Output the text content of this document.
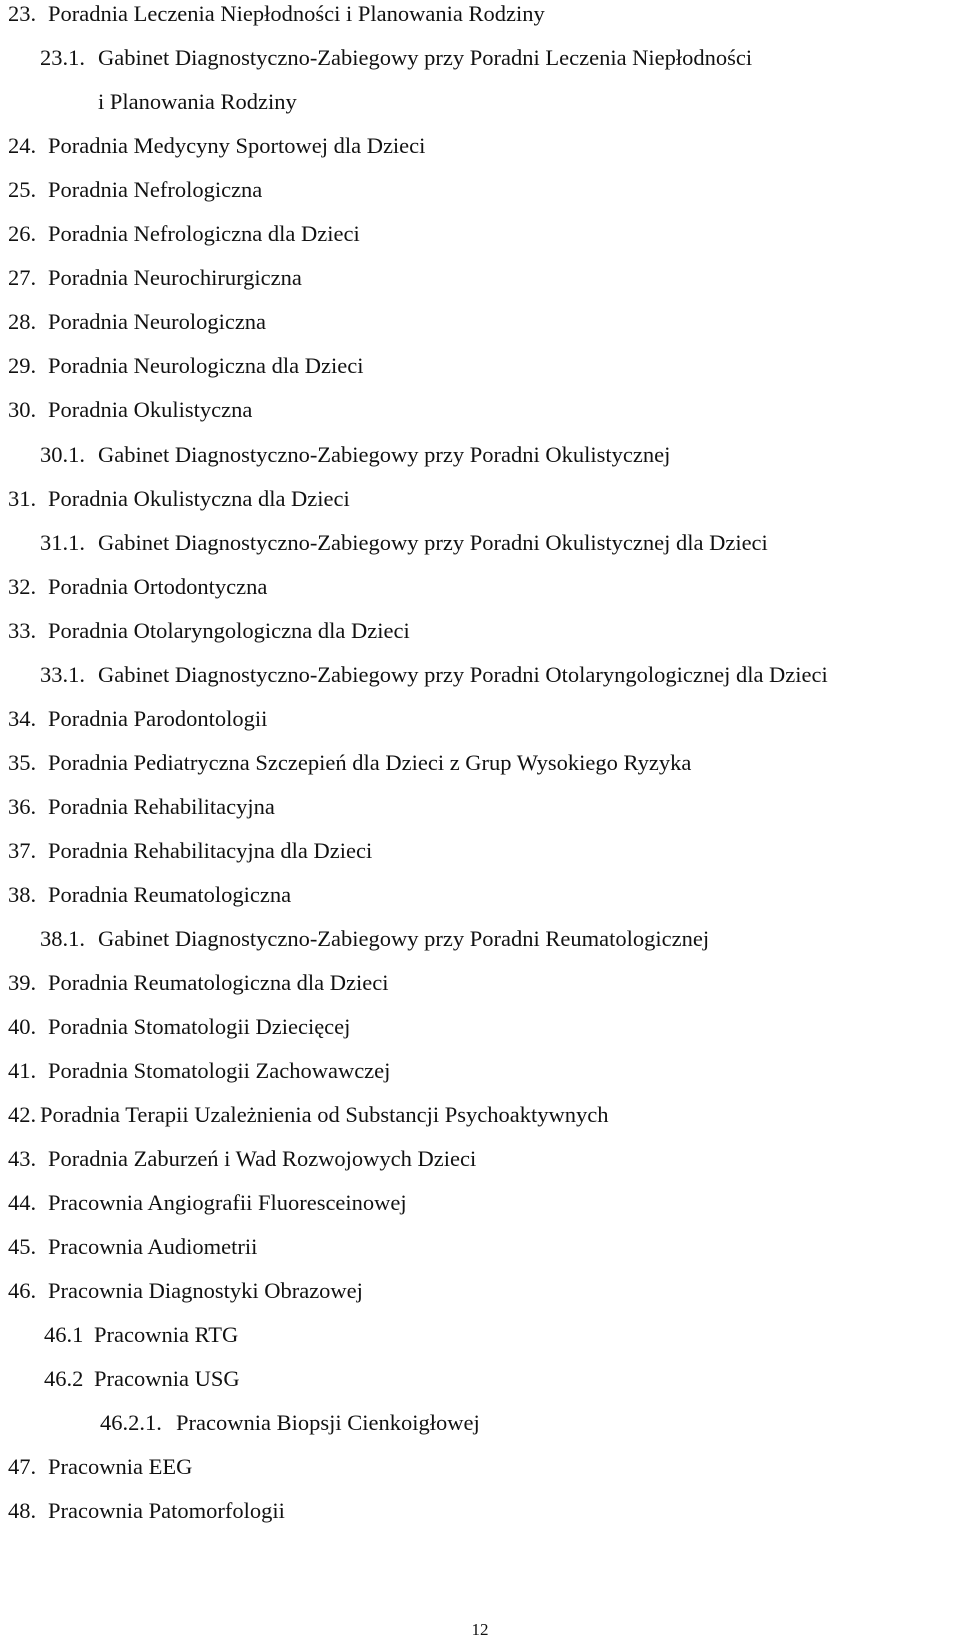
23. Poradnia Leczenia Niepłodności i Planowania Rodziny
23.1. Gabinet Diagnostyczno-Zabiegowy przy Poradni Leczenia Niepłodności
i Planowania Rodziny
24. Poradnia Medycyny Sportowej dla Dzieci
25. Poradnia Nefrologiczna
26. Poradnia Nefrologiczna dla Dzieci
27. Poradnia Neurochirurgiczna
28. Poradnia Neurologiczna
29. Poradnia Neurologiczna dla Dzieci
30. Poradnia Okulistyczna
30.1. Gabinet Diagnostyczno-Zabiegowy przy Poradni Okulistycznej
31. Poradnia Okulistyczna dla Dzieci
31.1. Gabinet Diagnostyczno-Zabiegowy przy Poradni Okulistycznej dla Dzieci
32. Poradnia Ortodontyczna
33. Poradnia Otolaryngologiczna dla Dzieci
33.1. Gabinet Diagnostyczno-Zabiegowy przy Poradni Otolaryngologicznej dla Dzieci
34. Poradnia Parodontologii
35. Poradnia Pediatryczna Szczepień dla Dzieci z Grup Wysokiego Ryzyka
36. Poradnia Rehabilitacyjna
37. Poradnia Rehabilitacyjna dla Dzieci
38. Poradnia Reumatologiczna
38.1. Gabinet Diagnostyczno-Zabiegowy przy Poradni Reumatologicznej
39. Poradnia Reumatologiczna dla Dzieci
40. Poradnia Stomatologii Dziecięcej
41. Poradnia Stomatologii Zachowawczej
42. Poradnia Terapii Uzależnienia od Substancji Psychoaktywnych
43. Poradnia Zaburzeń i Wad Rozwojowych Dzieci
44. Pracownia Angiografii Fluoresceinowej
45. Pracownia Audiometrii
46. Pracownia Diagnostyki Obrazowej
46.1 Pracownia RTG
46.2 Pracownia USG
46.2.1. Pracownia Biopsji Cienkoigłowej
47. Pracownia EEG
48. Pracownia Patomorfologii
12
